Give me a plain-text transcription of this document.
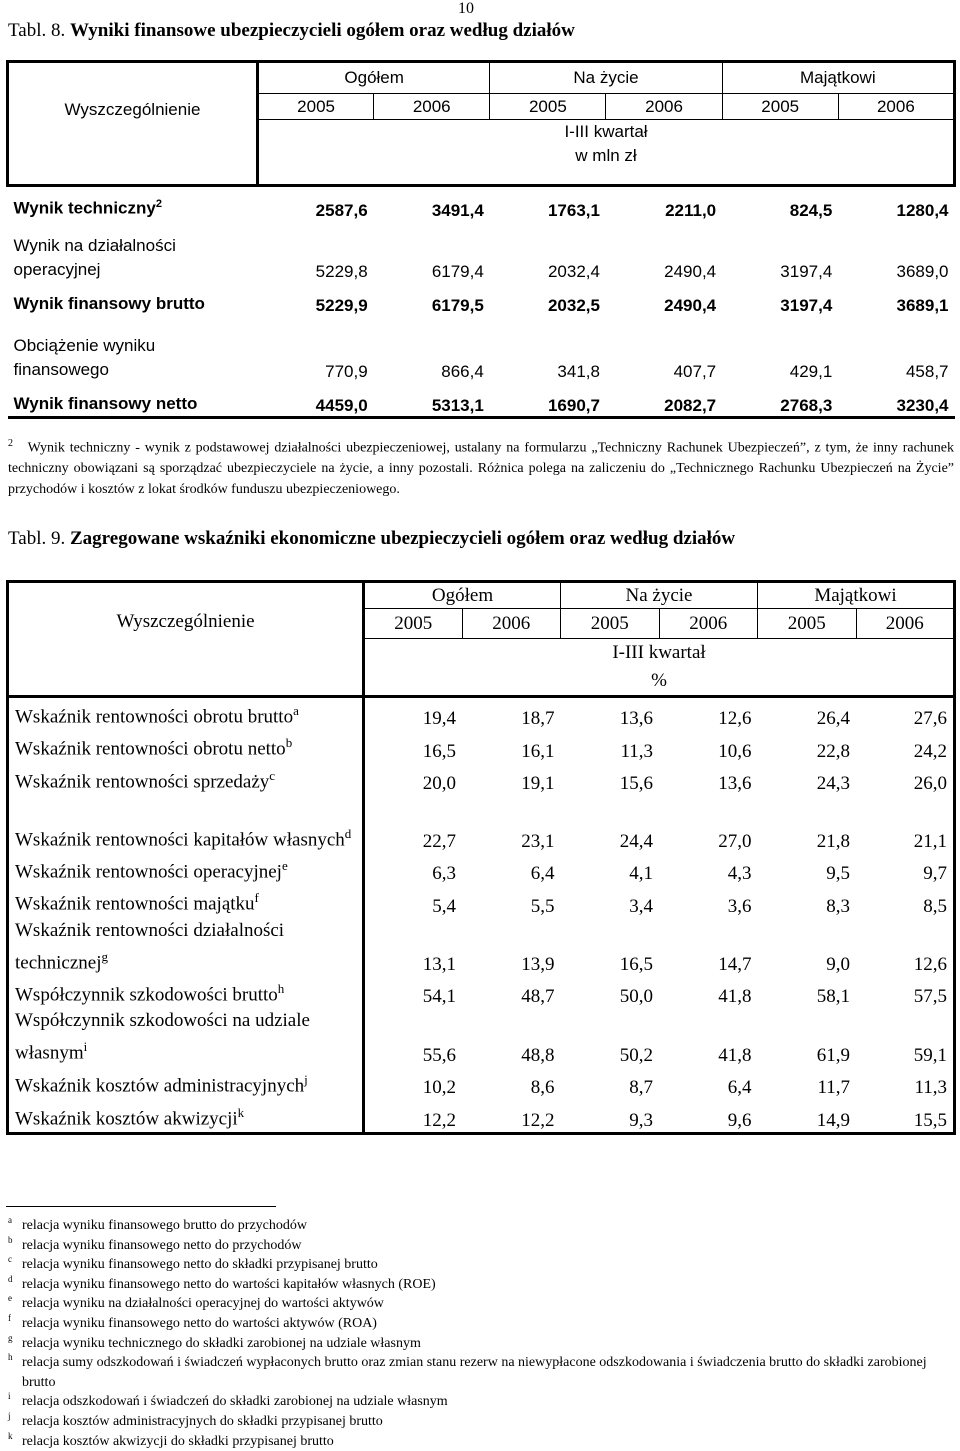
10
Tabl. 8. Wyniki finansowe ubezpieczycieli ogółem oraz według działów
Wyszczególnienie	Ogółem		Na życie		Majątkowi	
	2005	2006	2005	2006	2005	2006

	I-III kwartał
w mln zł					

Wynik techniczny$^2$	2587,6	3491,4	1763,1	2211,0	824,5	1280,4
Wynik na działalności operacyjnej	5229,8	6179,4	2032,4	2490,4	3197,4	3689,0
Wynik finansowy brutto	5229,9	6179,5	2032,5	2490,4	3197,4	3689,1
Obciążenie wyniku finansowego	770,9	866,4	341,8	407,7	429,1	458,7
Wynik finansowy netto	4459,0	5313,1	1690,7	2082,7	2768,3	3230,4
$^2$ Wynik techniczny - wynik z podstawowej działalności ubezpieczeniowej, ustalany na formularzu „Techniczny Rachunek Ubezpieczeń”, z tym, że inny rachunek techniczny obowiązani są sporządzać ubezpieczyciele na życie, a inny pozostali. Różnica polega na zaliczeniu do „Technicznego Rachunku Ubezpieczeń na Życie” przychodów i kosztów z lokat środków funduszu ubezpieczeniowego.
Tabl. 9. Zagregowane wskaźniki ekonomiczne ubezpieczycieli ogółem oraz według działów
Wyszczególnienie	Ogółem		Na życie		Majątkowi	
	2005	2006	2005	2006	2005	2006

	I-III kwartał
%					

Wskaźnik rentowności obrotu brutto$^a$	19,4	18,7	13,6	12,6	26,4	27,6
Wskaźnik rentowności obrotu netto$^b$	16,5	16,1	11,3	10,6	22,8	24,2
Wskaźnik rentowności sprzedaży$^c$	20,0	19,1	15,6	13,6	24,3	26,0
Wskaźnik rentowności kapitałów własnych$^d$	22,7	23,1	24,4	27,0	21,8	21,1
Wskaźnik rentowności operacyjnej$^e$	6,3	6,4	4,1	4,3	9,5	9,7
Wskaźnik rentowności majątku$^f$	5,4	5,5	3,4	3,6	8,3	8,5
Wskaźnik rentowności działalności technicznej$^g$	13,1	13,9	16,5	14,7	9,0	12,6
Współczynnik szkodowości brutto$^h$	54,1	48,7	50,0	41,8	58,1	57,5
Współczynnik szkodowości na udziale własnym$^i$	55,6	48,8	50,2	41,8	61,9	59,1
Wskaźnik kosztów administracyjnych$^j$	10,2	8,6	8,7	6,4	11,7	11,3
Wskaźnik kosztów akwizycji$^k$	12,2	12,2	9,3	9,6	14,9	15,5
a relacja wyniku finansowego brutto do przychodów
b relacja wyniku finansowego netto do przychodów
c relacja wyniku finansowego netto do składki przypisanej brutto
d relacja wyniku finansowego netto do wartości kapitałów własnych (ROE)
e relacja wyniku na działalności operacyjnej do wartości aktywów
f relacja wyniku finansowego netto do wartości aktywów (ROA)
g relacja wyniku technicznego do składki zarobionej na udziale własnym
h relacja sumy odszkodowań i świadczeń wypłaconych brutto oraz zmian stanu rezerw na niewypłacone odszkodowania i świadczenia brutto do składki zarobionej brutto
i relacja odszkodowań i świadczeń do składki zarobionej na udziale własnym
j relacja kosztów administracyjnych do składki przypisanej brutto
k relacja kosztów akwizycji do składki przypisanej brutto
